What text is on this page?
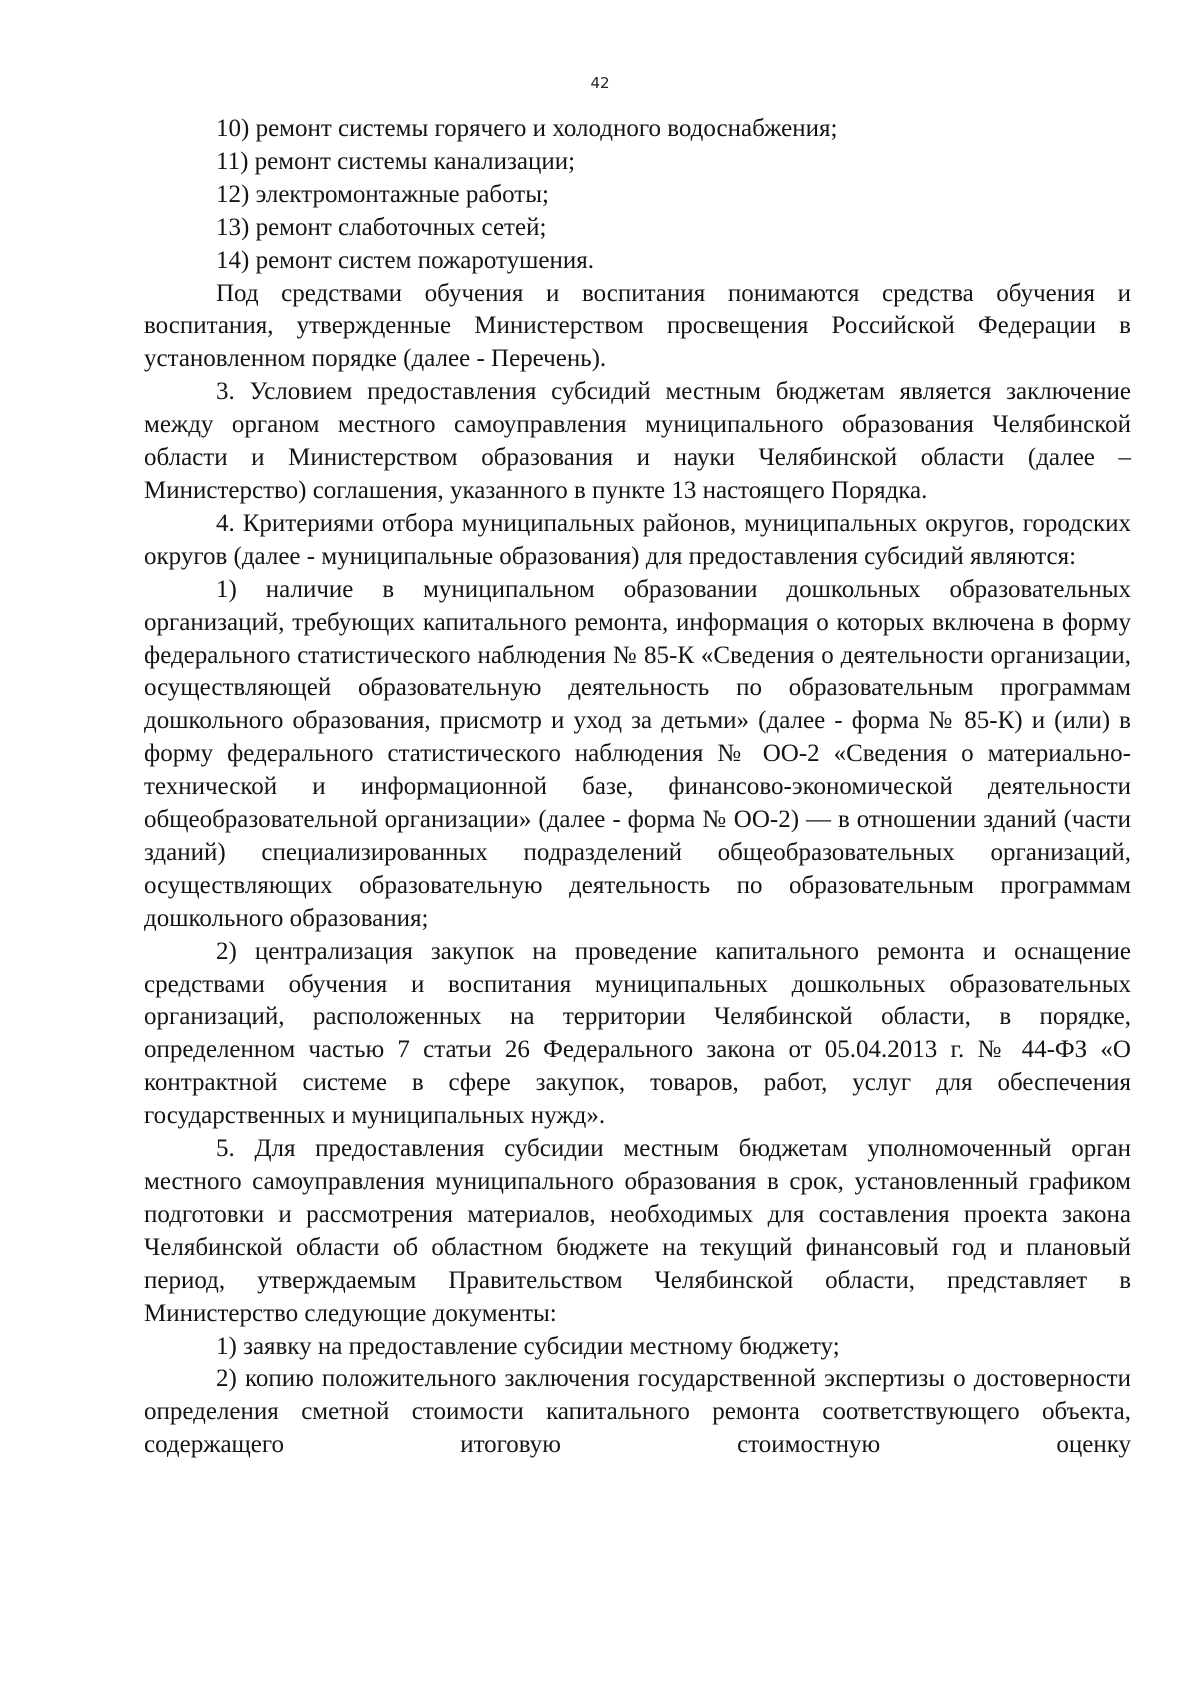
42

10) ремонт системы горячего и холодного водоснабжения;

11) ремонт системы канализации;

12) электромонтажные работы;

13) ремонт слаботочных сетей;

14) ремонт систем пожаротушения.

Под средствами обучения и воспитания понимаются средства обучения и воспитания, утвержденные Министерством просвещения Российской Федерации в установленном порядке (далее - Перечень).

3. Условием предоставления субсидий местным бюджетам является заключение между органом местного самоуправления муниципального образования Челябинской области и Министерством образования и науки Челябинской области (далее – Министерство) соглашения, указанного в пункте 13 настоящего Порядка.

4. Критериями отбора муниципальных районов, муниципальных округов, городских округов (далее - муниципальные образования) для предоставления субсидий являются:

1) наличие в муниципальном образовании дошкольных образовательных организаций, требующих капитального ремонта, информация о которых включена в форму федерального статистического наблюдения № 85-К «Сведения о деятельности организации, осуществляющей образовательную деятельность по образовательным программам дошкольного образования, присмотр и уход за детьми» (далее - форма № 85-К) и (или) в форму федерального статистического наблюдения № ОО-2 «Сведения о материально-технической и информационной базе, финансово-экономической деятельности общеобразовательной организации» (далее - форма № ОО-2) — в отношении зданий (части зданий) специализированных подразделений общеобразовательных организаций, осуществляющих образовательную деятельность по образовательным программам дошкольного образования;

2) централизация закупок на проведение капитального ремонта и оснащение средствами обучения и воспитания муниципальных дошкольных образовательных организаций, расположенных на территории Челябинской области, в порядке, определенном частью 7 статьи 26 Федерального закона от 05.04.2013 г. № 44-ФЗ «О контрактной системе в сфере закупок, товаров, работ, услуг для обеспечения государственных и муниципальных нужд».

5. Для предоставления субсидии местным бюджетам уполномоченный орган местного самоуправления муниципального образования в срок, установленный графиком подготовки и рассмотрения материалов, необходимых для составления проекта закона Челябинской области об областном бюджете на текущий финансовый год и плановый период, утверждаемым Правительством Челябинской области, представляет в Министерство следующие документы:

1) заявку на предоставление субсидии местному бюджету;

2) копию положительного заключения государственной экспертизы о достоверности определения сметной стоимости капитального ремонта соответствующего объекта, содержащего итоговую стоимостную оценку
